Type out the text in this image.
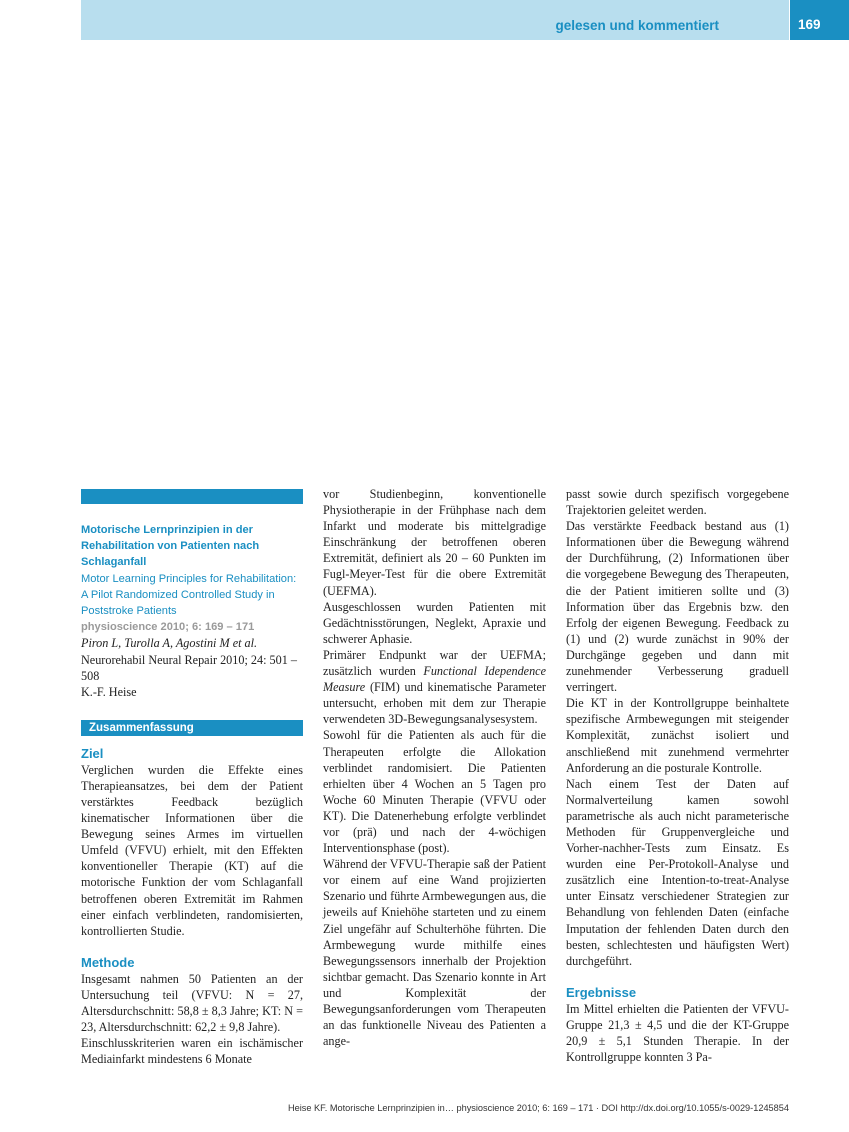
gelesen und kommentiert	169
Motorische Lernprinzipien in der Rehabilitation von Patienten nach Schlaganfall
Motor Learning Principles for Rehabilitation: A Pilot Randomized Controlled Study in Poststroke Patients
physioscience 2010; 6: 169 – 171

Piron L, Turolla A, Agostini M et al. Neurorehabil Neural Repair 2010; 24: 501 – 508

K.-F. Heise

Zusammenfassung
Ziel

Verglichen wurden die Effekte eines Therapieansatzes, bei dem der Patient verstärktes Feedback bezüglich kinematischer Informationen über die Bewegung seines Armes im virtuellen Umfeld (VFVU) erhielt, mit den Effekten konventioneller Therapie (KT) auf die motorische Funktion der vom Schlaganfall betroffenen oberen Extremität im Rahmen einer einfach verblindeten, randomisierten, kontrollierten Studie.

Methode

Insgesamt nahmen 50 Patienten an der Untersuchung teil (VFVU: N = 27, Altersdurchschnitt: 58,8 ± 8,3 Jahre; KT: N = 23, Altersdurchschnitt: 62,2 ± 9,8 Jahre).

Einschlusskriterien waren ein ischämischer Mediainfarkt mindestens 6 Monate

vor Studienbeginn, konventionelle Physiotherapie in der Frühphase nach dem Infarkt und moderate bis mittelgradige Einschränkung der betroffenen oberen Extremität, definiert als 20 – 60 Punkten im Fugl-Meyer-Test für die obere Extremität (UEFMA).

Ausgeschlossen wurden Patienten mit Gedächtnisstörungen, Neglekt, Apraxie und schwerer Aphasie.

Primärer Endpunkt war der UEFMA; zusätzlich wurden Functional Idependence Measure (FIM) und kinematische Parameter untersucht, erhoben mit dem zur Therapie verwendeten 3D-Bewegungsanalysesystem.

Sowohl für die Patienten als auch für die Therapeuten erfolgte die Allokation verblindet randomisiert. Die Patienten erhielten über 4 Wochen an 5 Tagen pro Woche 60 Minuten Therapie (VFVU oder KT). Die Datenerhebung erfolgte verblindet vor (prä) und nach der 4-wöchigen Interventionsphase (post).

Während der VFVU-Therapie saß der Patient vor einem auf eine Wand projizierten Szenario und führte Armbewegungen aus, die jeweils auf Kniehöhe starteten und zu einem Ziel ungefähr auf Schulterhöhe führten. Die Armbewegung wurde mithilfe eines Bewegungssensors innerhalb der Projektion sichtbar gemacht. Das Szenario konnte in Art und Komplexität der Bewegungsanforderungen vom Therapeuten an das funktionelle Niveau des Patienten a ange-

passt sowie durch spezifisch vorgegebene Trajektorien geleitet werden.

Das verstärkte Feedback bestand aus (1) Informationen über die Bewegung während der Durchführung, (2) Informationen über die vorgegebene Bewegung des Therapeuten, die der Patient imitieren sollte und (3) Information über das Ergebnis bzw. den Erfolg der eigenen Bewegung. Feedback zu (1) und (2) wurde zunächst in 90% der Durchgänge gegeben und dann mit zunehmender Verbesserung graduell verringert.

Die KT in der Kontrollgruppe beinhaltete spezifische Armbewegungen mit steigender Komplexität, zunächst isoliert und anschließend mit zunehmend vermehrter Anforderung an die posturale Kontrolle.

Nach einem Test der Daten auf Normalverteilung kamen sowohl parametrische als auch nicht parameterische Methoden für Gruppenvergleiche und Vorher-nachher-Tests zum Einsatz. Es wurden eine Per-Protokoll-Analyse und zusätzlich eine Intention-to-treat-Analyse unter Einsatz verschiedener Strategien zur Behandlung von fehlenden Daten (einfache Imputation der fehlenden Daten durch den besten, schlechtesten und häufigsten Wert) durchgeführt.

Ergebnisse

Im Mittel erhielten die Patienten der VFVU-Gruppe 21,3 ± 4,5 und die der KT-Gruppe 20,9 ± 5,1 Stunden Therapie. In der Kontrollgruppe konnten 3 Pa-

Heise KF. Motorische Lernprinzipien in… physioscience 2010; 6: 169 – 171 · DOI http://dx.doi.org/10.1055/s-0029-1245854
